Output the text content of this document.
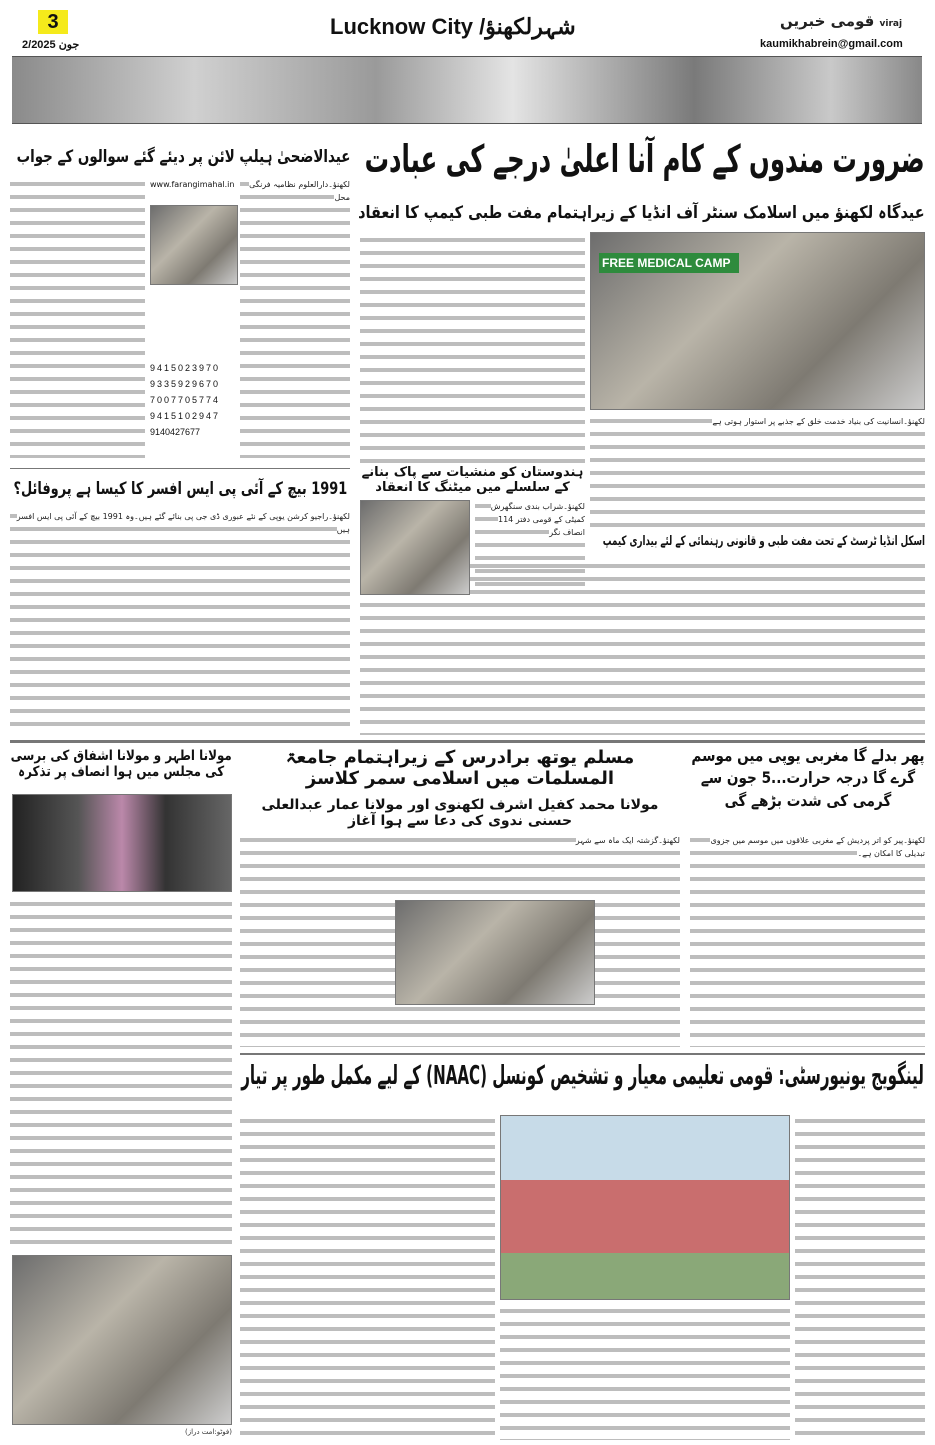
3
2/جون 2025
Lucknow City /شہرلکھنؤ	قومی خبریں viraj
kaumikhabrein@gmail.com
ضرورت مندوں کے کام آنا اعلیٰ درجے کی عبادت
عیدگاہ لکھنؤ میں اسلامک سنٹر آف انڈیا کے زیراہتمام مفت طبی کیمپ کا انعقاد
FREE MEDICAL CAMP
لکھنؤ۔انسانیت کی بنیاد خدمت خلق کے جذبے پر استوار ہوتی ہے
اسکل انڈیا ٹرسٹ کے تحت مفت طبی و قانونی رہنمائی کے لئے بیداری کیمپ
عیدالاضحیٰ ہیلپ لائن پر دیئے گئے سوالوں کے جواب
لکھنؤ۔دارالعلوم نظامیہ فرنگی محل
www.farangimahal.in
9415023970
9335929670
7007705774
9415102947
9140427677
ہندوستان کو منشیات سے پاک بنانے کے سلسلے میں میٹنگ کا انعقاد
لکھنؤ۔شراب بندی سنگھرش کمیٹی کے قومی دفتر 114 انصاف نگر
1991 بیچ کے آئی پی ایس افسر کا کیسا ہے پروفائل؟
لکھنؤ۔راجیو کرشن یوپی کے نئے عبوری ڈی جی پی بنائے گئے ہیں۔وہ 1991 بیچ کے آئی پی ایس افسر ہیں
مولانا اطہر و مولانا اشفاق کی برسی کی مجلس میں ہوا انصاف پر تذکرہ
(فوٹو:امت دراز)
مسلم یوتھ برادرس کے زیراہتمام جامعۃ المسلمات میں اسلامی سمر کلاسز
مولانا محمد کفیل اشرف لکھنوی اور مولانا عمار عبدالعلی حسنی ندوی کی دعا سے ہوا آغاز
لکھنؤ۔گزشتہ ایک ماہ سے شہر
پھر بدلے گا مغربی یوپی میں موسم گرے گا درجہ حرارت...5 جون سے گرمی کی شدت بڑھے گی
لکھنؤ۔پیر کو اتر پردیش کے مغربی علاقوں میں موسم میں جزوی تبدیلی کا امکان ہے۔
لینگویج یونیورسٹی: قومی تعلیمی معیار و تشخیص کونسل (NAAC) کے لیے مکمل طور پر تیار
